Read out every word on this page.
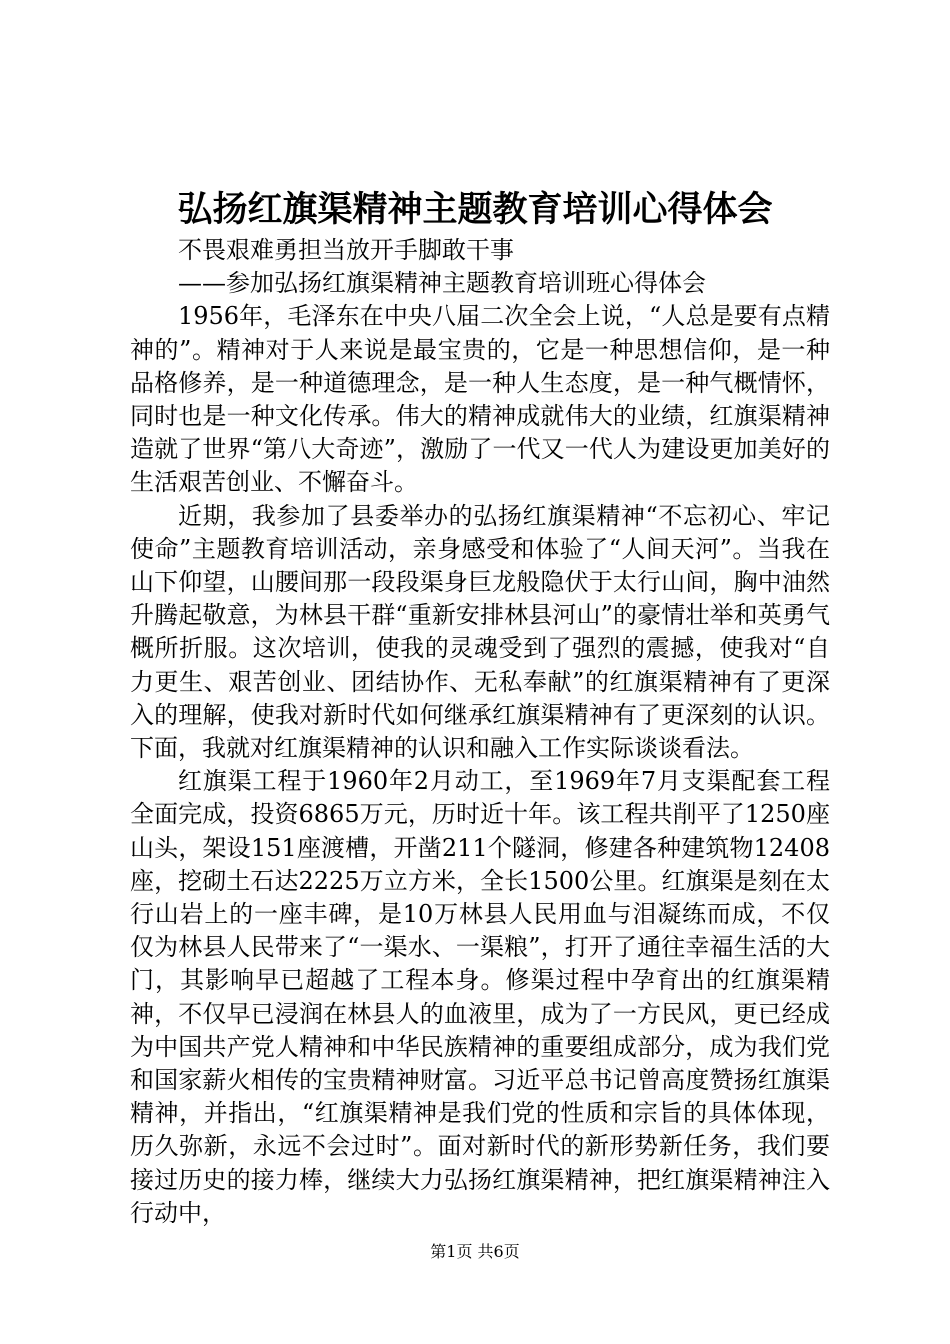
弘扬红旗渠精神主题教育培训心得体会

不畏艰难勇担当放开手脚敢干事

——参加弘扬红旗渠精神主题教育培训班心得体会

1956年，毛泽东在中央八届二次全会上说，“人总是要有点精神的”。精神对于人来说是最宝贵的，它是一种思想信仰，是一种品格修养，是一种道德理念，是一种人生态度，是一种气概情怀，同时也是一种文化传承。伟大的精神成就伟大的业绩，红旗渠精神造就了世界“第八大奇迹”，激励了一代又一代人为建设更加美好的生活艰苦创业、不懈奋斗。

近期，我参加了县委举办的弘扬红旗渠精神“不忘初心、牢记使命”主题教育培训活动，亲身感受和体验了“人间天河”。当我在山下仰望，山腰间那一段段渠身巨龙般隐伏于太行山间，胸中油然升腾起敬意，为林县干群“重新安排林县河山”的豪情壮举和英勇气概所折服。这次培训，使我的灵魂受到了强烈的震撼，使我对“自力更生、艰苦创业、团结协作、无私奉献”的红旗渠精神有了更深入的理解，使我对新时代如何继承红旗渠精神有了更深刻的认识。下面，我就对红旗渠精神的认识和融入工作实际谈谈看法。

红旗渠工程于1960年2月动工，至1969年7月支渠配套工程全面完成，投资6865万元，历时近十年。该工程共削平了1250座山头，架设151座渡槽，开凿211个隧洞，修建各种建筑物12408座，挖砌土石达2225万立方米，全长1500公里。红旗渠是刻在太行山岩上的一座丰碑，是10万林县人民用血与泪凝练而成，不仅仅为林县人民带来了“一渠水、一渠粮”，打开了通往幸福生活的大门，其影响早已超越了工程本身。修渠过程中孕育出的红旗渠精神，不仅早已浸润在林县人的血液里，成为了一方民风，更已经成为中国共产党人精神和中华民族精神的重要组成部分，成为我们党和国家薪火相传的宝贵精神财富。习近平总书记曾高度赞扬红旗渠精神，并指出，“红旗渠精神是我们党的性质和宗旨的具体体现，历久弥新，永远不会过时”。面对新时代的新形势新任务，我们要接过历史的接力棒，继续大力弘扬红旗渠精神，把红旗渠精神注入行动中，

第1页 共6页
